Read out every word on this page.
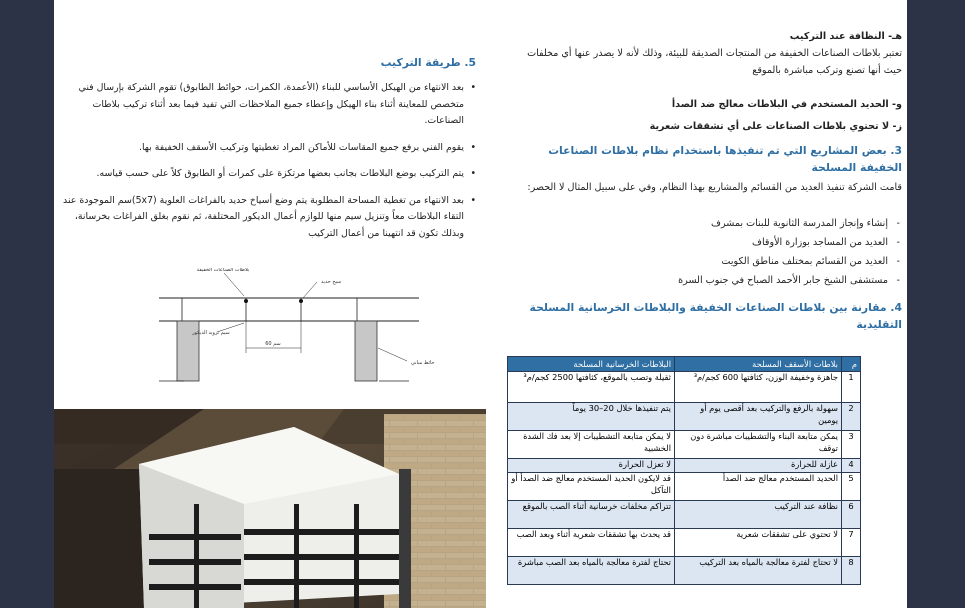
هـ- النظافة عند التركيب

تعتبر بلاطات الصناعات الخفيفة من المنتجات الصديقة للبيئة، وذلك لأنه لا يصدر عنها أي مخلفات حيث أنها تصنع وتركب مباشرة بالموقع

و- الحديد المستخدم في البلاطات معالج ضد الصدأ

ز- لا تحتوي بلاطات الصناعات على أي تشققات شعرية

3. بعض المشاريع التي تم تنفيذها باستخدام نظام بلاطات الصناعات الخفيفة المسلحة

قامت الشركة تنفيذ العديد من القسائم والمشاريع بهذا النظام، وفي على سبيل المثال لا الحصر:

- إنشاء وإنجاز المدرسة الثانوية للبنات بمشرف
- العديد من المساجد بوزارة الأوقاف
- العديد من القسائم بمختلف مناطق الكويت
- مستشفى الشيخ جابر الأحمد الصباح في جنوب السرة

4. مقارنة بين بلاطات الصناعات الخفيفة والبلاطات الخرسانية المسلحة التقليدية

م	بلاطات الأسقف المسلحة	البلاطات الخرسانية المسلحة
1	جاهزة وخفيفة الوزن، كثافتها 600 كجم/م³	ثقيلة وتصب بالموقع، كثافتها 2500 كجم/م³
2	سهولة بالرفع والتركيب بعد أقصى يوم أو يومين	يتم تنفيذها خلال 20–30 يوماً
3	يمكن متابعة البناء والتشطيبات مباشرة دون توقف	لا يمكن متابعة التشطيبات إلا بعد فك الشدة الخشبية
4	عازلة للحرارة	لا تعزل الحرارة
5	الحديد المستخدم معالج ضد الصدأ	قد لايكون الحديد المستخدم معالج ضد الصدأ أو التآكل
6	نظافة عند التركيب	تتراكم مخلفات خرسانية أثناء الصب بالموقع
7	لا تحتوي على تشققات شعرية	قد يحدث بها تشققات شعرية أثناء وبعد الصب
8	لا تحتاج لفترة معالجة بالمياه بعد التركيب	تحتاج لفترة معالجة بالمياه بعد الصب مباشرة

5. طريقة التركيب

• بعد الانتهاء من الهيكل الأساسي للبناء (الأعمدة، الكمرات، حوائط الطابوق) تقوم الشركة بإرسال فني متخصص للمعاينة أثناء بناء الهيكل وإعطاء جميع الملاحظات التي تفيد فيما بعد أثناء تركيب بلاطات الصناعات.
• يقوم الفني برفع جميع المقاسات للأماكن المراد تغطيتها وتركيب الأسقف الخفيفة بها.
• يتم التركيب بوضع البلاطات بجانب بعضها مرتكزة على كمرات أو الطابوق كلاً على حسب قياسه.
• بعد الانتهاء من تغطية المساحة المطلوبة يتم وضع أسياخ حديد بالفراغات العلوية (5x7)سم الموجودة عند التقاء البلاطات معاً وتنزيل سيم منها للوازم أعمال الديكور المختلفة، ثم نقوم بغلق الفراغات بخرسانة، وبذلك تكون قد انتهينا من أعمال التركيب
بلاطات الصناعات الخفيفة
سيخ حديد
سيم تزويد الديكور
60 سم
حائط مباني
